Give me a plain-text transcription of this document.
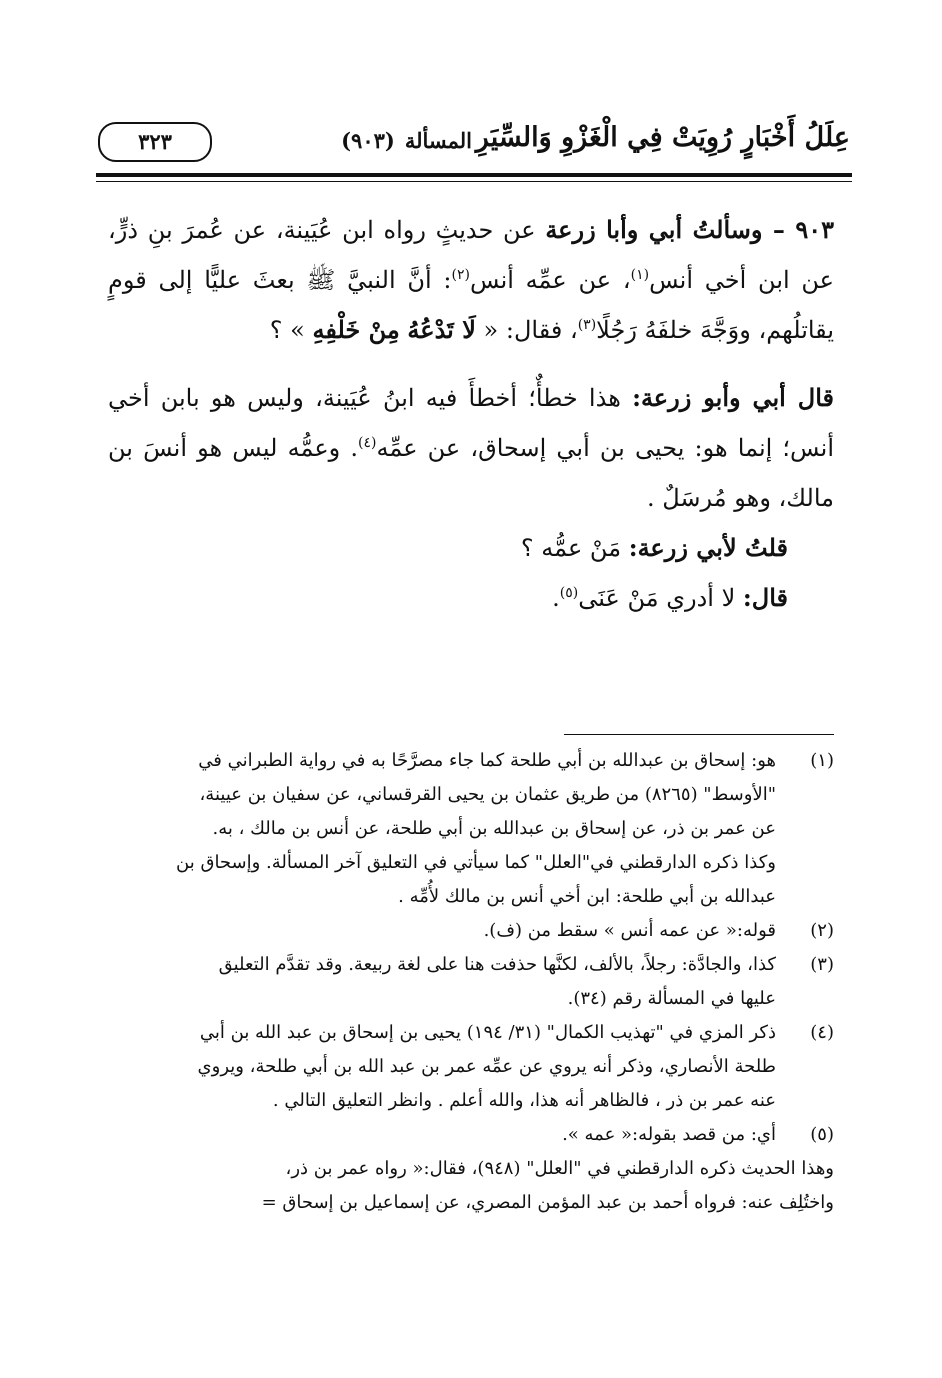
عِلَلُ أَخْبَارٍ رُوِيَتْ فِي الْغَزْوِ وَالسِّيَرِ
المسألة(٩٠٣)
٣٢٣

٩٠٣ – وسألتُ أبي وأبا زرعة عن حديثٍ رواه ابن عُيَينة، عن عُمرَ بنِ ذرٍّ، عن ابن أخي أنس$^{(١)}$، عن عمِّه أنس$^{(٢)}$: أنَّ النبيَّ ﷺ بعثَ عليًّا إلى قومٍ يقاتلُهم، ووَجَّهَ خلفَهُ رَجُلًا$^{(٣)}$، فقال: « لَا تَدْعُهُ مِنْ خَلْفِهِ » ؟

قال أبي وأبو زرعة: هذا خطأٌ؛ أخطأَ فيه ابنُ عُيَينة، وليس هو بابن أخي أنس؛ إنما هو: يحيى بن أبي إسحاق، عن عمِّه$^{(٤)}$. وعمُّه ليس هو أنسَ بن مالك، وهو مُرسَلٌ .

قلتُ لأبي زرعة: مَنْ عمُّه ؟

قال: لا أدري مَنْ عَنَى$^{(٥)}$.

(١)
هو: إسحاق بن عبدالله بن أبي طلحة كما جاء مصرَّحًا به في رواية الطبراني في
"الأوسط" (٨٢٦٥) من طريق عثمان بن يحيى القرقساني، عن سفيان بن عيينة،
عن عمر بن ذر، عن إسحاق بن عبدالله بن أبي طلحة، عن أنس بن مالك ، به.
وكذا ذكره الدارقطني في"العلل" كما سيأتي في التعليق آخر المسألة. وإسحاق بن
عبدالله بن أبي طلحة: ابن أخي أنس بن مالك لأُمِّه .
(٢)
قوله:« عن عمه أنس » سقط من (ف).
(٣)
كذا، والجادَّة: رجلاً، بالألف، لكنَّها حذفت هنا على لغة ربيعة. وقد تقدَّم التعليق
عليها في المسألة رقم (٣٤).
(٤)
ذكر المزي في "تهذيب الكمال" (٣١/ ١٩٤) يحيى بن إسحاق بن عبد الله بن أبي
طلحة الأنصاري، وذكر أنه يروي عن عمِّه عمر بن عبد الله بن أبي طلحة، ويروي
عنه عمر بن ذر ، فالظاهر أنه هذا، والله أعلم . وانظر التعليق التالي .
(٥)
أي: من قصد بقوله:« عمه ».
وهذا الحديث ذكره الدارقطني في "العلل" (٩٤٨)، فقال:« رواه عمر بن ذر،
واختُلِف عنه: فرواه أحمد بن عبد المؤمن المصري، عن إسماعيل بن إسحاق =
